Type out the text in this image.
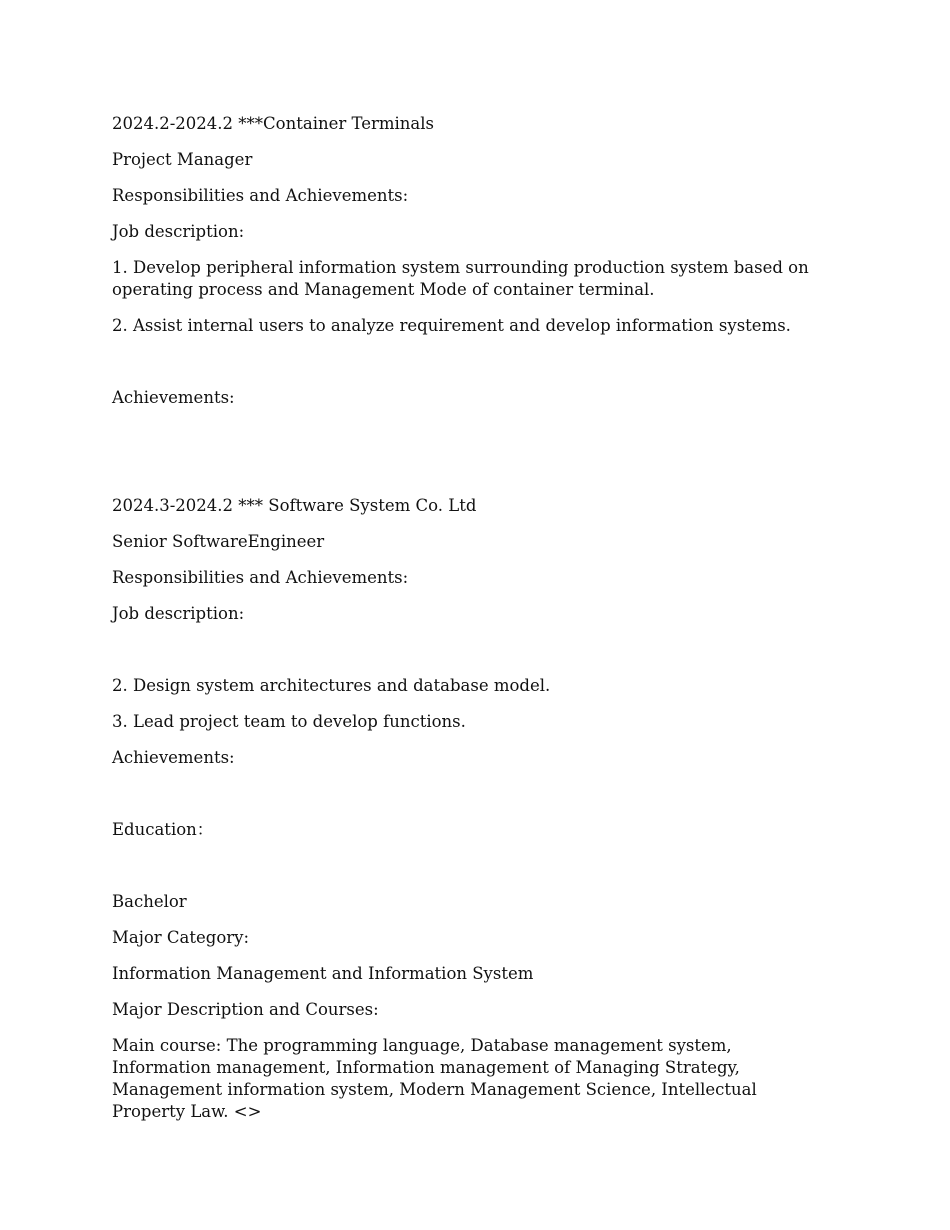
2024.2-2024.2 ***Container Terminals
Project Manager
Responsibilities and Achievements:
Job description:
1. Develop peripheral information system surrounding production system based on operating process and Management Mode of container terminal.
2. Assist internal users to analyze requirement and develop information systems.
Achievements:
2024.3-2024.2 *** Software System Co. Ltd
Senior SoftwareEngineer
Responsibilities and Achievements:
Job description:
2. Design system architectures and database model.
3. Lead project team to develop functions.
Achievements:
Education：
Bachelor
Major Category:
Information Management and Information System
Major Description and Courses:
Main course: The programming language, Database management system, Information management, Information management of Managing Strategy, Management information system, Modern Management Science, Intellectual Property Law. <>
